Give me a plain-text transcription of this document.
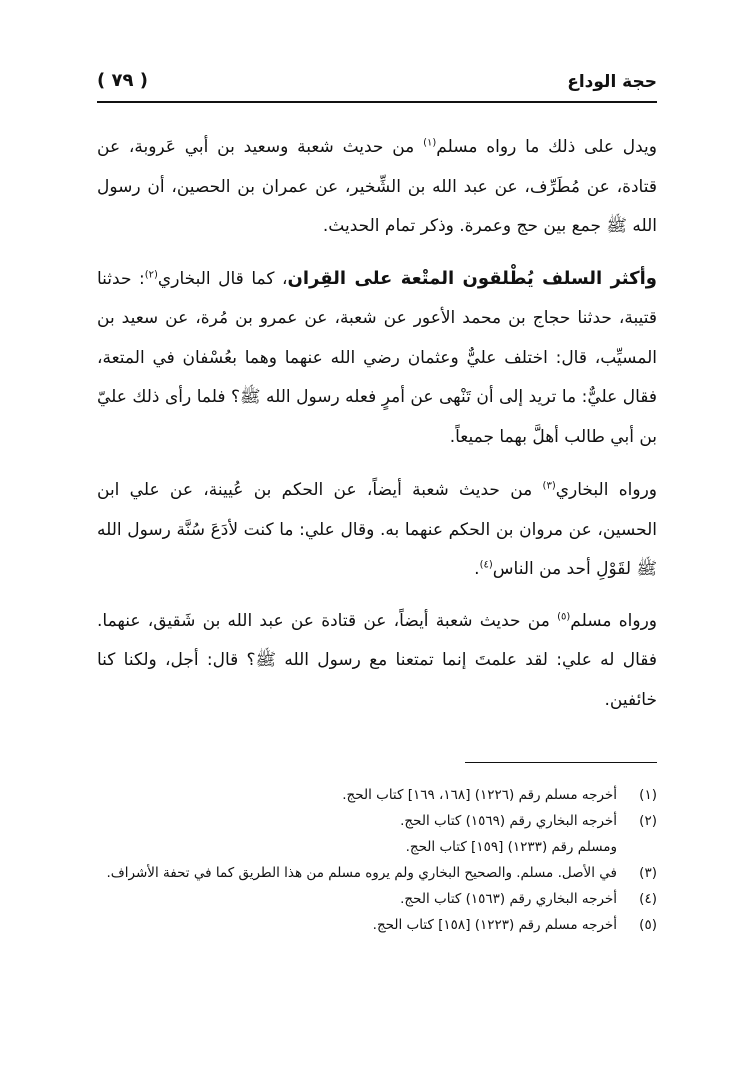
حجة الوداع
( ٧٩ )

ويدل على ذلك ما رواه مسلم$^{(١)}$ من حديث شعبة وسعيد بن أبي عَروبة، عن قتادة، عن مُطَرِّف، عن عبد الله بن الشِّخير، عن عمران بن الحصين، أن رسول الله ﷺ جمع بين حج وعمرة. وذكر تمام الحديث.

وأكثر السلف يُطْلقون المتْعة على القِران، كما قال البخاري$^{(٢)}$: حدثنا قتيبة، حدثنا حجاج بن محمد الأعور عن شعبة، عن عمرو بن مُرة، عن سعيد بن المسيِّب، قال: اختلف عليٌّ وعثمان رضي الله عنهما وهما بعُسْفان في المتعة، فقال عليٌّ: ما تريد إلى أن تَنْهى عن أمرٍ فعله رسول الله ﷺ؟ فلما رأى ذلك عليّ بن أبي طالب أهلَّ بهما جميعاً.

ورواه البخاري$^{(٣)}$ من حديث شعبة أيضاً، عن الحكم بن عُيينة، عن علي ابن الحسين، عن مروان بن الحكم عنهما به. وقال علي: ما كنت لأدَعَ سُنَّة رسول الله ﷺ لقَوْلِ أحد من الناس$^{(٤)}$.

ورواه مسلم$^{(٥)}$ من حديث شعبة أيضاً، عن قتادة عن عبد الله بن شَقيق، عنهما. فقال له علي: لقد علمتَ إنما تمتعنا مع رسول الله ﷺ؟ قال: أجل، ولكنا كنا خائفين.

(١)
أخرجه مسلم رقم (١٢٢٦) [١٦٨، ١٦٩] كتاب الحج.
(٢)
أخرجه البخاري رقم (١٥٦٩) كتاب الحج.
ومسلم رقم (١٢٣٣) [١٥٩] كتاب الحج.
(٣)
في الأصل. مسلم. والصحيح البخاري ولم يروه مسلم من هذا الطريق كما في تحفة الأشراف.
(٤)
أخرجه البخاري رقم (١٥٦٣) كتاب الحج.
(٥)
أخرجه مسلم رقم (١٢٢٣) [١٥٨] كتاب الحج.
